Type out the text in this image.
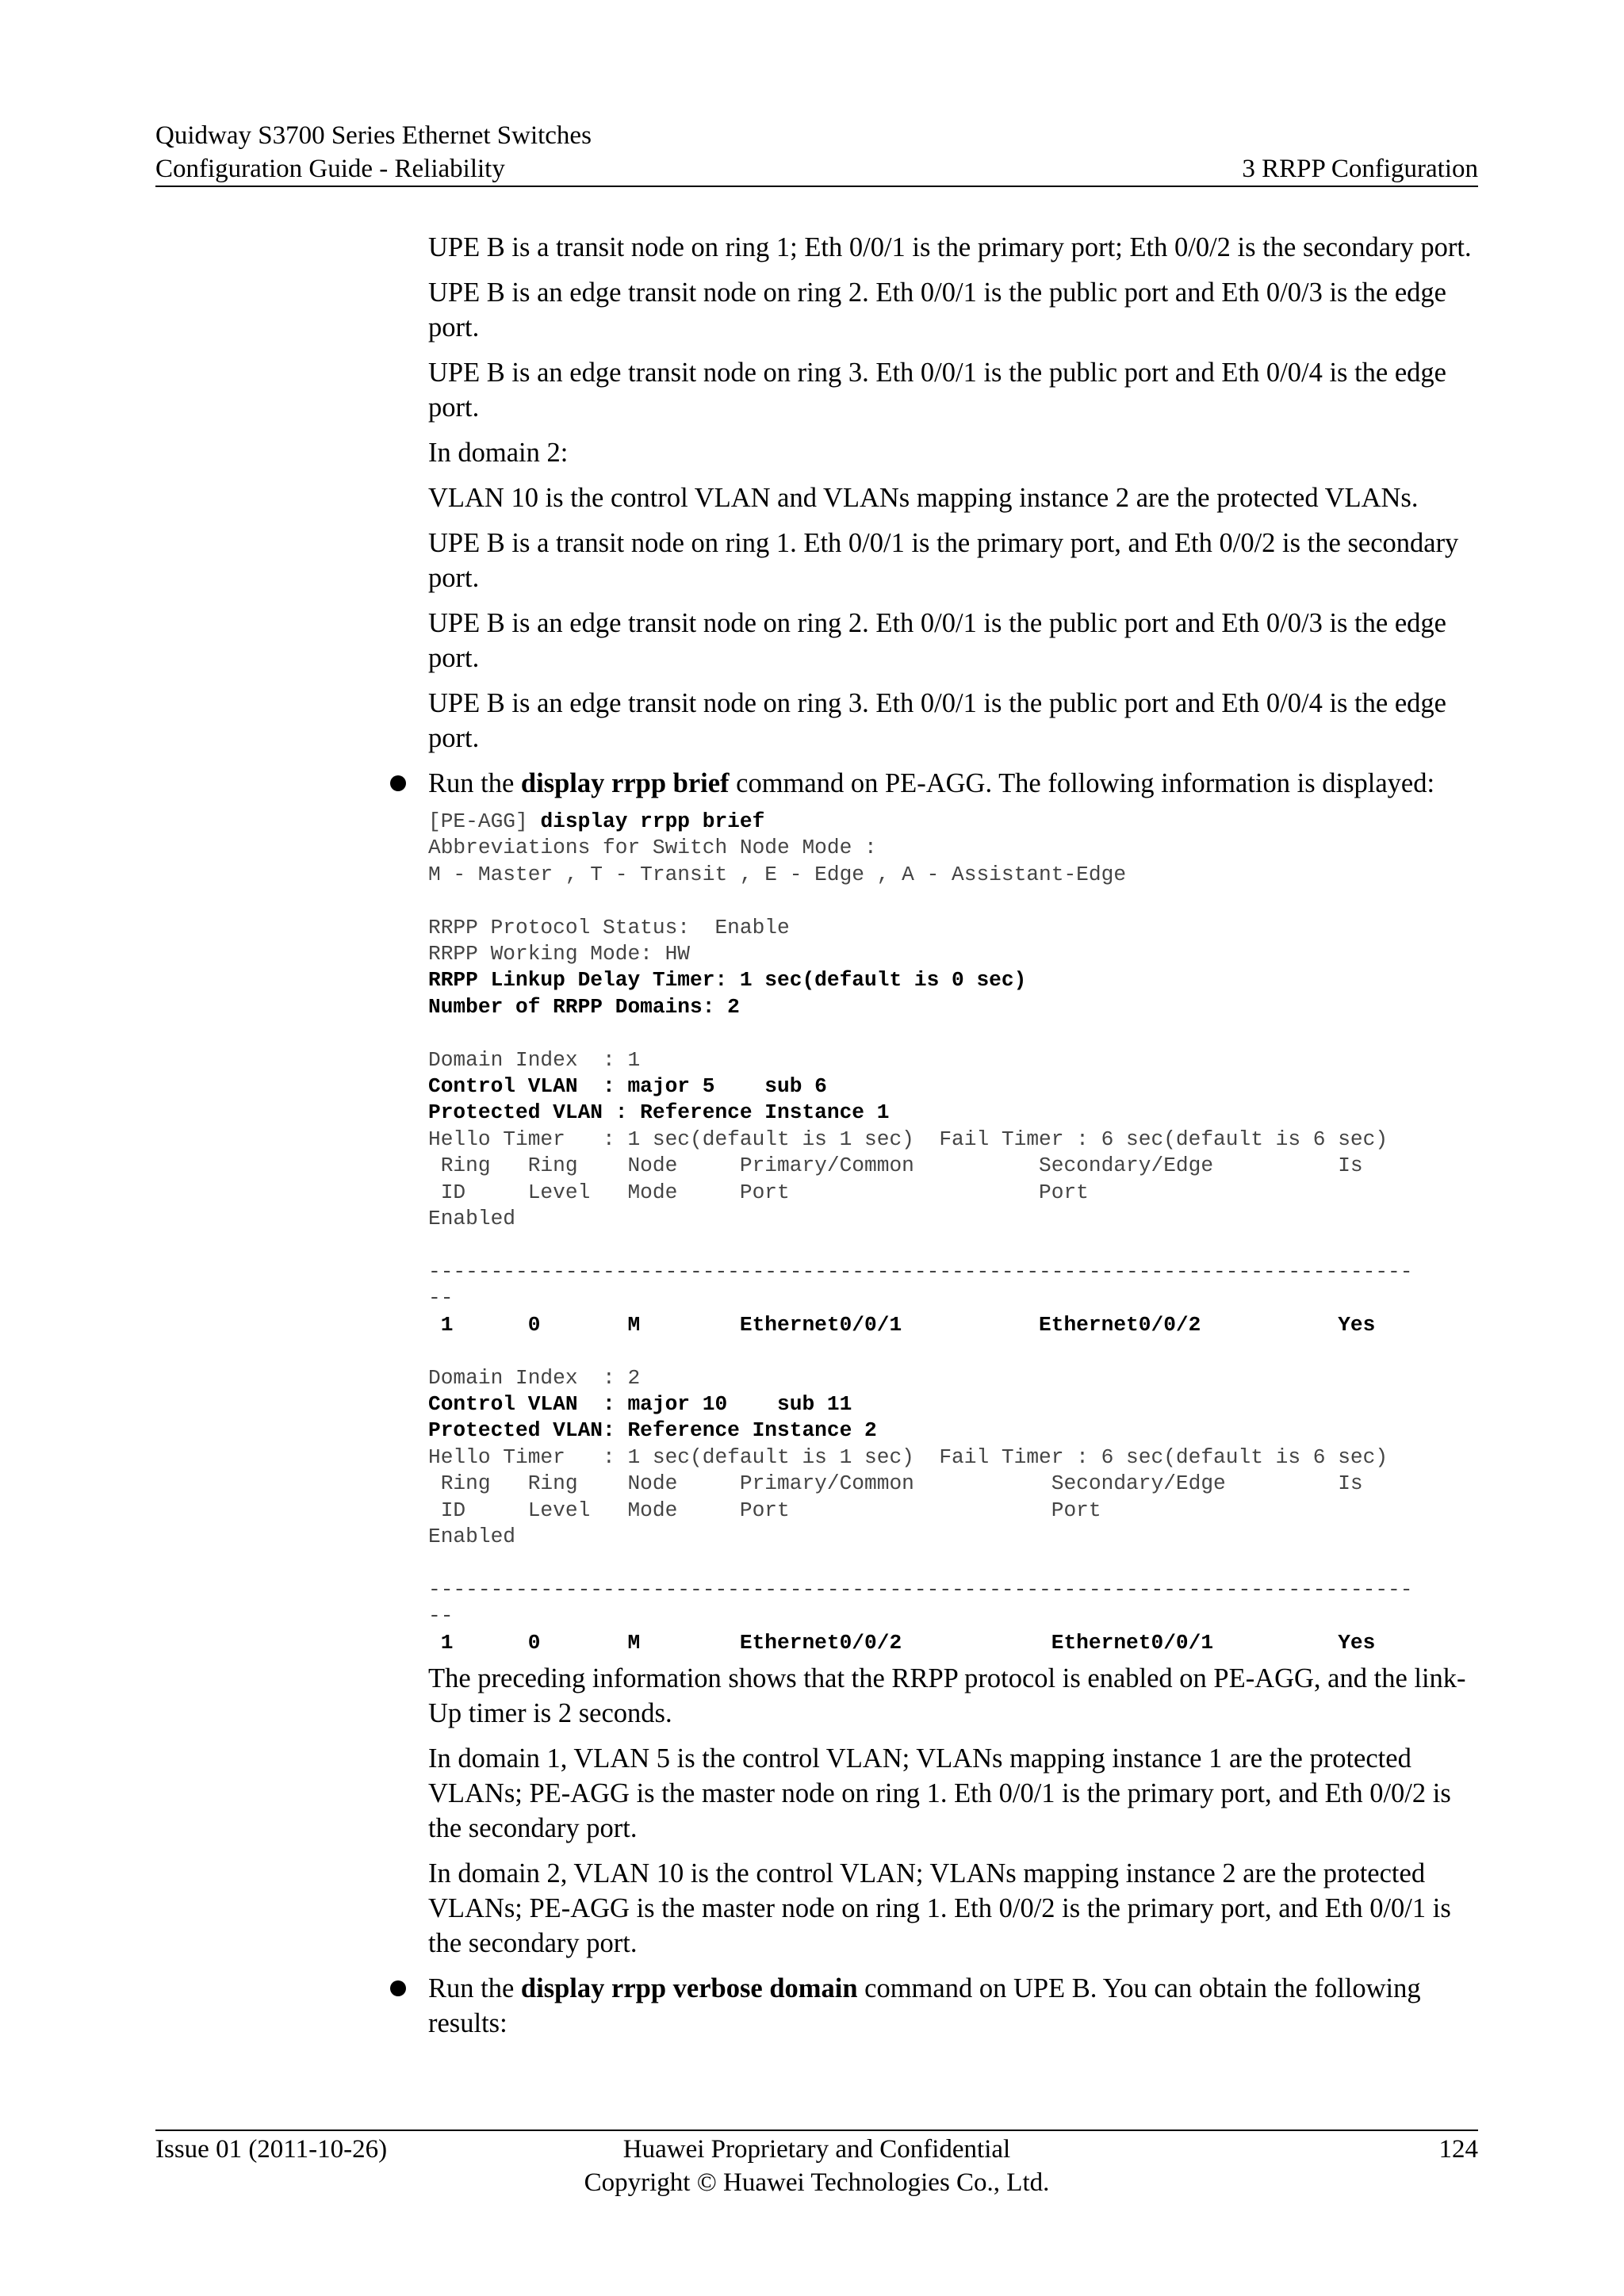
Quidway S3700 Series Ethernet Switches
Configuration Guide - Reliability	3 RRPP Configuration

UPE B is a transit node on ring 1; Eth 0/0/1 is the primary port; Eth 0/0/2 is the secondary port.

UPE B is an edge transit node on ring 2. Eth 0/0/1 is the public port and Eth 0/0/3 is the edge port.

UPE B is an edge transit node on ring 3. Eth 0/0/1 is the public port and Eth 0/0/4 is the edge port.

In domain 2:

VLAN 10 is the control VLAN and VLANs mapping instance 2 are the protected VLANs.

UPE B is a transit node on ring 1. Eth 0/0/1 is the primary port, and Eth 0/0/2 is the secondary port.

UPE B is an edge transit node on ring 2. Eth 0/0/1 is the public port and Eth 0/0/3 is the edge port.

UPE B is an edge transit node on ring 3. Eth 0/0/1 is the public port and Eth 0/0/4 is the edge port.

Run the display rrpp brief command on PE-AGG. The following information is displayed:
[PE-AGG] display rrpp brief
Abbreviations for Switch Node Mode :
M - Master , T - Transit , E - Edge , A - Assistant-Edge

RRPP Protocol Status:  Enable
RRPP Working Mode: HW
RRPP Linkup Delay Timer: 1 sec(default is 0 sec)
Number of RRPP Domains: 2

Domain Index  : 1
Control VLAN  : major 5    sub 6
Protected VLAN : Reference Instance 1
Hello Timer   : 1 sec(default is 1 sec)  Fail Timer : 6 sec(default is 6 sec)
Ring   Ring    Node     Primary/Common          Secondary/Edge          Is
ID     Level   Mode     Port                    Port
Enabled

-------------------------------------------------------------------------------
--
1      0       M        Ethernet0/0/1           Ethernet0/0/2           Yes

Domain Index  : 2
Control VLAN  : major 10    sub 11
Protected VLAN: Reference Instance 2
Hello Timer   : 1 sec(default is 1 sec)  Fail Timer : 6 sec(default is 6 sec)
Ring   Ring    Node     Primary/Common           Secondary/Edge         Is
ID     Level   Mode     Port                     Port
Enabled

-------------------------------------------------------------------------------
--
1      0       M        Ethernet0/0/2            Ethernet0/0/1          Yes

The preceding information shows that the RRPP protocol is enabled on PE-AGG, and the link-Up timer is 2 seconds.

In domain 1, VLAN 5 is the control VLAN; VLANs mapping instance 1 are the protected VLANs; PE-AGG is the master node on ring 1. Eth 0/0/1 is the primary port, and Eth 0/0/2 is the secondary port.

In domain 2, VLAN 10 is the control VLAN; VLANs mapping instance 2 are the protected VLANs; PE-AGG is the master node on ring 1. Eth 0/0/2 is the primary port, and Eth 0/0/1 is the secondary port.

Run the display rrpp verbose domain command on UPE B. You can obtain the following results:
Issue 01 (2011-10-26)	Huawei Proprietary and Confidential
Copyright © Huawei Technologies Co., Ltd.
124
